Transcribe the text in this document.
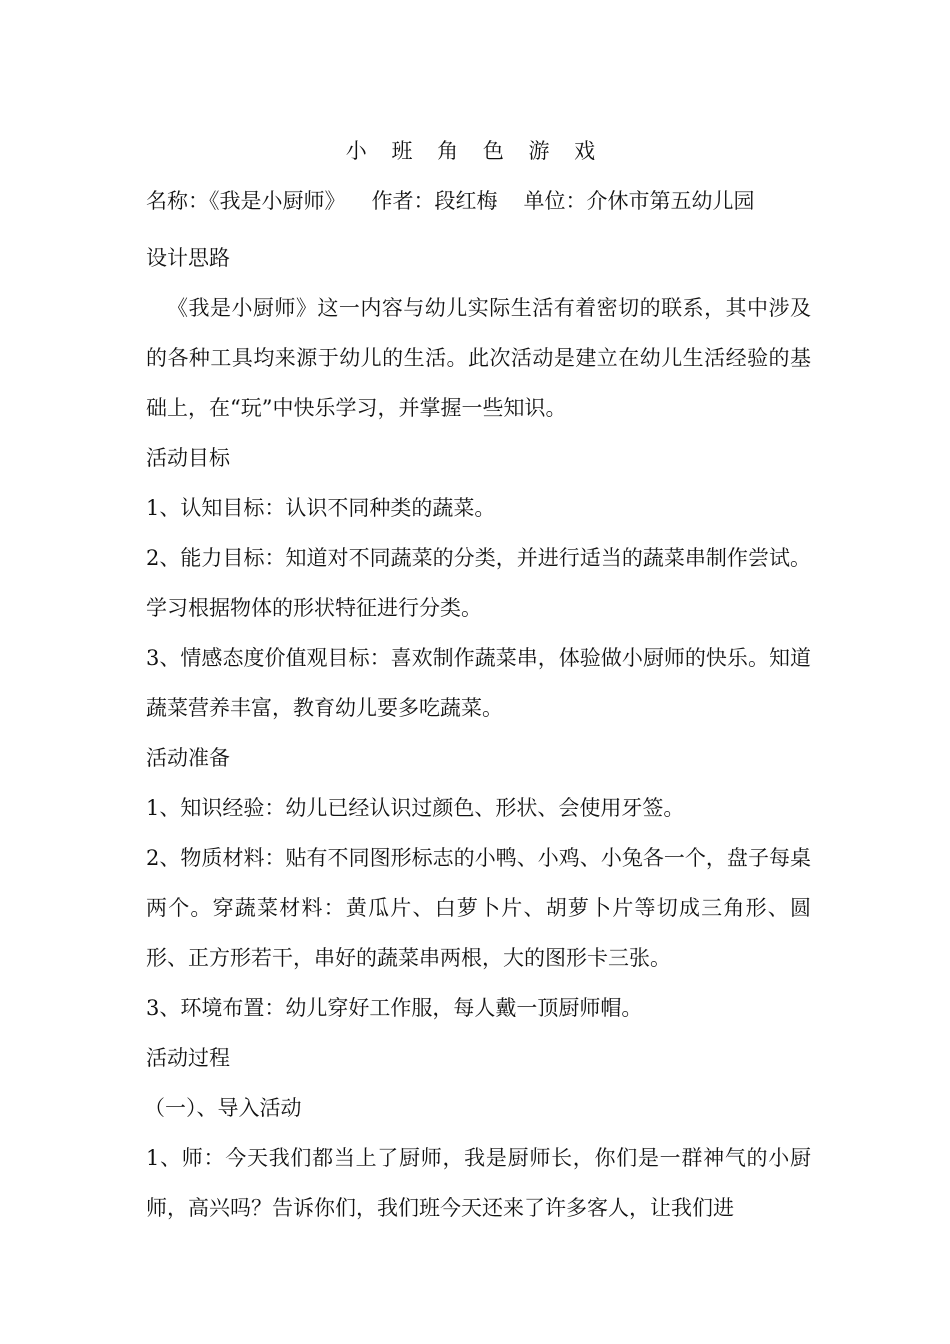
小 班 角 色 游 戏
名称：《我是小厨师》 作者：段红梅 单位：介休市第五幼儿园

设计思路

《我是小厨师》这一内容与幼儿实际生活有着密切的联系，其中涉及的各种工具均来源于幼儿的生活。此次活动是建立在幼儿生活经验的基础上，在“玩”中快乐学习，并掌握一些知识。

活动目标

1、认知目标：认识不同种类的蔬菜。

2、能力目标：知道对不同蔬菜的分类，并进行适当的蔬菜串制作尝试。学习根据物体的形状特征进行分类。

3、情感态度价值观目标：喜欢制作蔬菜串，体验做小厨师的快乐。知道蔬菜营养丰富，教育幼儿要多吃蔬菜。

活动准备

1、知识经验：幼儿已经认识过颜色、形状、会使用牙签。

2、物质材料：贴有不同图形标志的小鸭、小鸡、小兔各一个，盘子每桌两个。穿蔬菜材料：黄瓜片、白萝卜片、胡萝卜片等切成三角形、圆形、正方形若干，串好的蔬菜串两根，大的图形卡三张。

3、环境布置：幼儿穿好工作服，每人戴一顶厨师帽。

活动过程

（一）、导入活动

1、师：今天我们都当上了厨师，我是厨师长，你们是一群神气的小厨师，高兴吗？告诉你们，我们班今天还来了许多客人，让我们进
